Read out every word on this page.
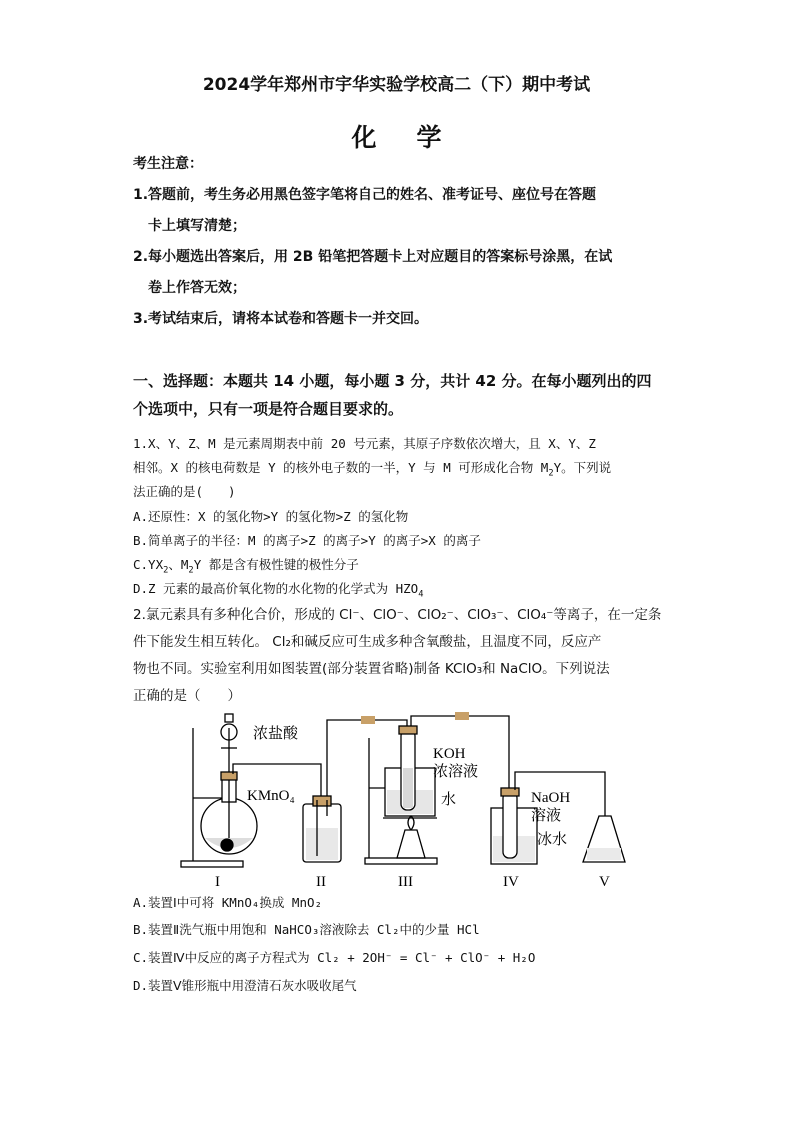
2024学年郑州市宇华实验学校高二（下）期中考试
化学
考生注意：
1.答题前，考生务必用黑色签字笔将自己的姓名、准考证号、座位号在答题
卡上填写清楚；
2.每小题选出答案后，用 2B 铅笔把答题卡上对应题目的答案标号涂黑，在试
卷上作答无效；
3.考试结束后，请将本试卷和答题卡一并交回。
一、选择题：本题共 14 小题，每小题 3 分，共计 42 分。在每小题列出的四
个选项中，只有一项是符合题目要求的。
1.X、Y、Z、M 是元素周期表中前 20 号元素，其原子序数依次增大，且 X、Y、Z
相邻。X 的核电荷数是 Y 的核外电子数的一半，Y 与 M 可形成化合物 $M_2Y$。下列说
法正确的是(　　)
A.还原性：X 的氢化物>Y 的氢化物>Z 的氢化物
B.简单离子的半径：M 的离子>Z 的离子>Y 的离子>X 的离子
$C.YX_2$、$M_2Y$ 都是含有极性键的极性分子
D.Z 元素的最高价氧化物的水化物的化学式为 $HZO_4$
2.氯元素具有多种化合价，形成的 Cl⁻、ClO⁻、ClO₂⁻、ClO₃⁻、ClO₄⁻等离子，在一定条
件下能发生相互转化。 Cl₂和碱反应可生成多种含氧酸盐，且温度不同，反应产
物也不同。实验室利用如图装置(部分装置省略)制备 KClO₃和 NaClO。下列说法
正确的是（　　）
浓盐酸
KMnO₄
KOH
浓溶液
水	NaOH
溶液
冰水
I	II	III	IV	V
A.装置Ⅰ中可将 KMnO₄换成 MnO₂
B.装置Ⅱ洗气瓶中用饱和 NaHCO₃溶液除去 Cl₂中的少量 HCl
C.装置Ⅳ中反应的离子方程式为 Cl₂ + 2OH⁻ = Cl⁻ + ClO⁻ + H₂O
D.装置Ⅴ锥形瓶中用澄清石灰水吸收尾气
